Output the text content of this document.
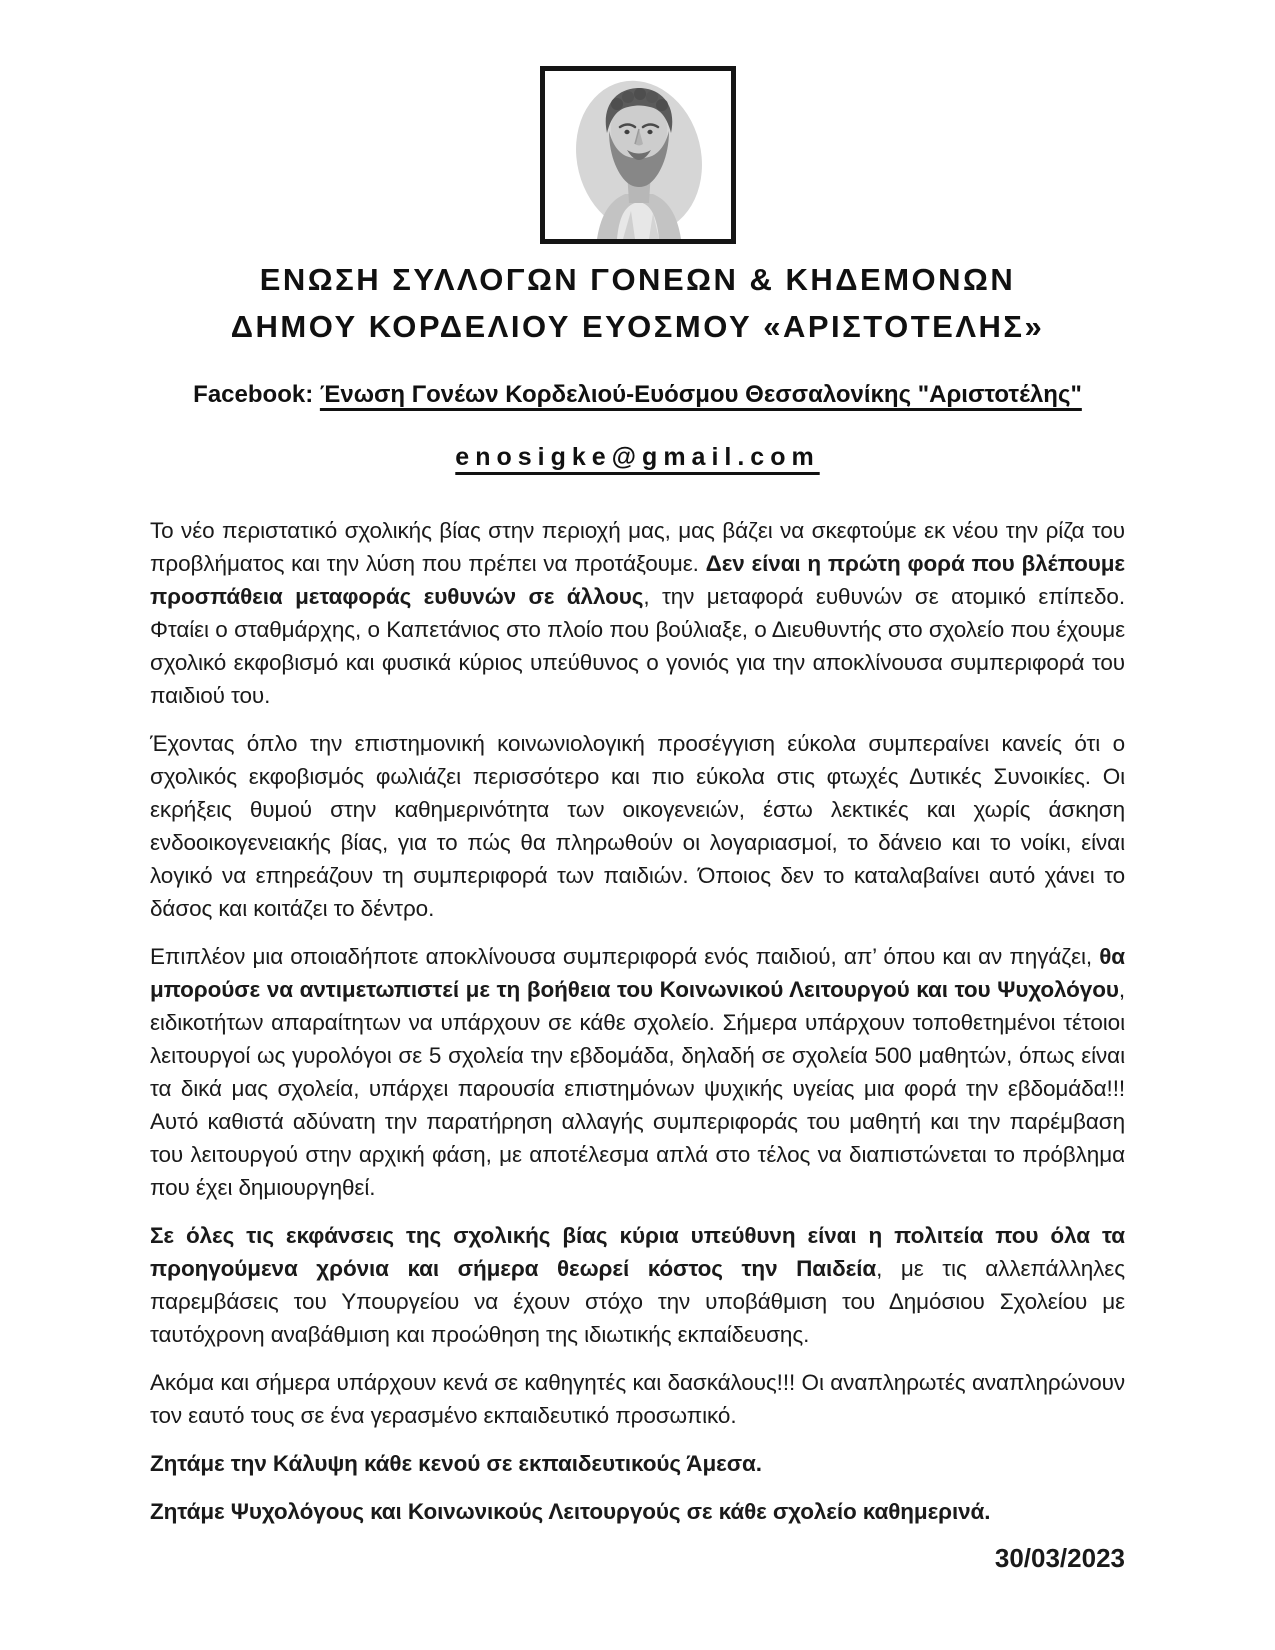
ΕΝΩΣΗ ΣΥΛΛΟΓΩΝ ΓΟΝΕΩΝ & ΚΗΔΕΜΟΝΩΝ
ΔΗΜΟΥ ΚΟΡΔΕΛΙΟΥ ΕΥΟΣΜΟΥ «ΑΡΙΣΤΟΤΕΛΗΣ»
Facebook: Ένωση Γονέων Κορδελιού-Ευόσμου Θεσσαλονίκης "Αριστοτέλης"
enosigke@gmail.com

Το νέο περιστατικό σχολικής βίας στην περιοχή μας, μας βάζει να σκεφτούμε εκ νέου την ρίζα του προβλήματος και την λύση που πρέπει να προτάξουμε. Δεν είναι η πρώτη φορά που βλέπουμε προσπάθεια μεταφοράς ευθυνών σε άλλους, την μεταφορά ευθυνών σε ατομικό επίπεδο. Φταίει ο σταθμάρχης, ο Καπετάνιος στο πλοίο που βούλιαξε, ο Διευθυντής στο σχολείο που έχουμε σχολικό εκφοβισμό και φυσικά κύριος υπεύθυνος ο γονιός για την αποκλίνουσα συμπεριφορά του παιδιού του.

Έχοντας όπλο την επιστημονική κοινωνιολογική προσέγγιση εύκολα συμπεραίνει κανείς ότι ο σχολικός εκφοβισμός φωλιάζει περισσότερο και πιο εύκολα στις φτωχές Δυτικές Συνοικίες. Οι εκρήξεις θυμού στην καθημερινότητα των οικογενειών, έστω λεκτικές και χωρίς άσκηση ενδοοικογενειακής βίας, για το πώς θα πληρωθούν οι λογαριασμοί, το δάνειο και το νοίκι, είναι λογικό να επηρεάζουν τη συμπεριφορά των παιδιών. Όποιος δεν το καταλαβαίνει αυτό χάνει το δάσος και κοιτάζει το δέντρο.

Επιπλέον μια οποιαδήποτε αποκλίνουσα συμπεριφορά ενός παιδιού, απ’ όπου και αν πηγάζει, θα μπορούσε να αντιμετωπιστεί με τη βοήθεια του Κοινωνικού Λειτουργού και του Ψυχολόγου, ειδικοτήτων απαραίτητων να υπάρχουν σε κάθε σχολείο. Σήμερα υπάρχουν τοποθετημένοι τέτοιοι λειτουργοί ως γυρολόγοι σε 5 σχολεία την εβδομάδα, δηλαδή σε σχολεία 500 μαθητών, όπως είναι τα δικά μας σχολεία, υπάρχει παρουσία επιστημόνων ψυχικής υγείας μια φορά την εβδομάδα!!! Αυτό καθιστά αδύνατη την παρατήρηση αλλαγής συμπεριφοράς του μαθητή και την παρέμβαση του λειτουργού στην αρχική φάση, με αποτέλεσμα απλά στο τέλος να διαπιστώνεται το πρόβλημα που έχει δημιουργηθεί.

Σε όλες τις εκφάνσεις της σχολικής βίας κύρια υπεύθυνη είναι η πολιτεία που όλα τα προηγούμενα χρόνια και σήμερα θεωρεί κόστος την Παιδεία, με τις αλλεπάλληλες παρεμβάσεις του Υπουργείου να έχουν στόχο την υποβάθμιση του Δημόσιου Σχολείου με ταυτόχρονη αναβάθμιση και προώθηση της ιδιωτικής εκπαίδευσης.

Ακόμα και σήμερα υπάρχουν κενά σε καθηγητές και δασκάλους!!! Οι αναπληρωτές αναπληρώνουν τον εαυτό τους σε ένα γερασμένο εκπαιδευτικό προσωπικό.

Ζητάμε την Κάλυψη κάθε κενού σε εκπαιδευτικούς Άμεσα.

Ζητάμε Ψυχολόγους και Κοινωνικούς Λειτουργούς σε κάθε σχολείο καθημερινά.

30/03/2023
